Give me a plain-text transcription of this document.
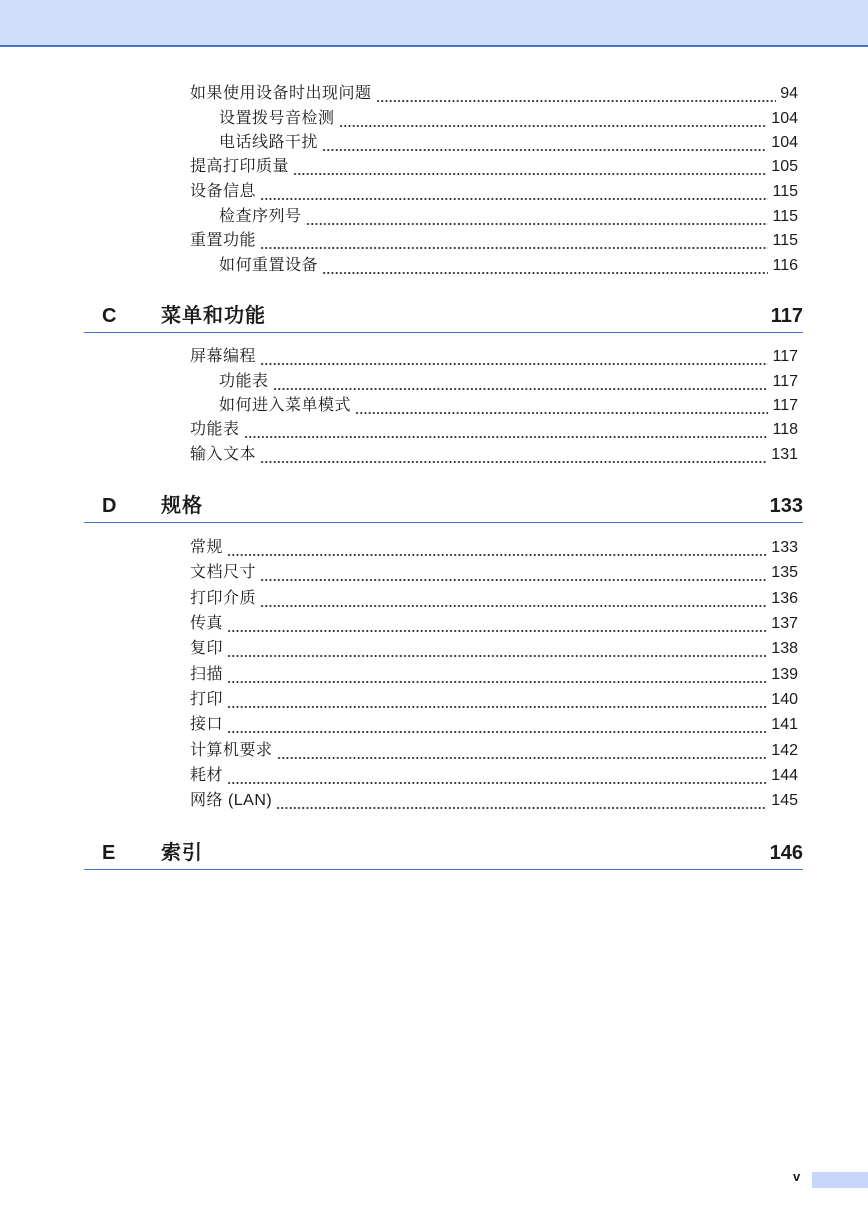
如果使用设备时出现问题	94
设置拨号音检测	104
电话线路干扰	104
提高打印质量	105
设备信息	115
检查序列号	115
重置功能	115
如何重置设备	116
C 菜单和功能	117
屏幕编程	117
功能表	117
如何进入菜单模式	117
功能表	118
输入文本	131
D 规格	133
常规	133
文档尺寸	135
打印介质	136
传真	137
复印	138
扫描	139
打印	140
接口	141
计算机要求	142
耗材	144
网络 (LAN)	145
E 索引	146
v
